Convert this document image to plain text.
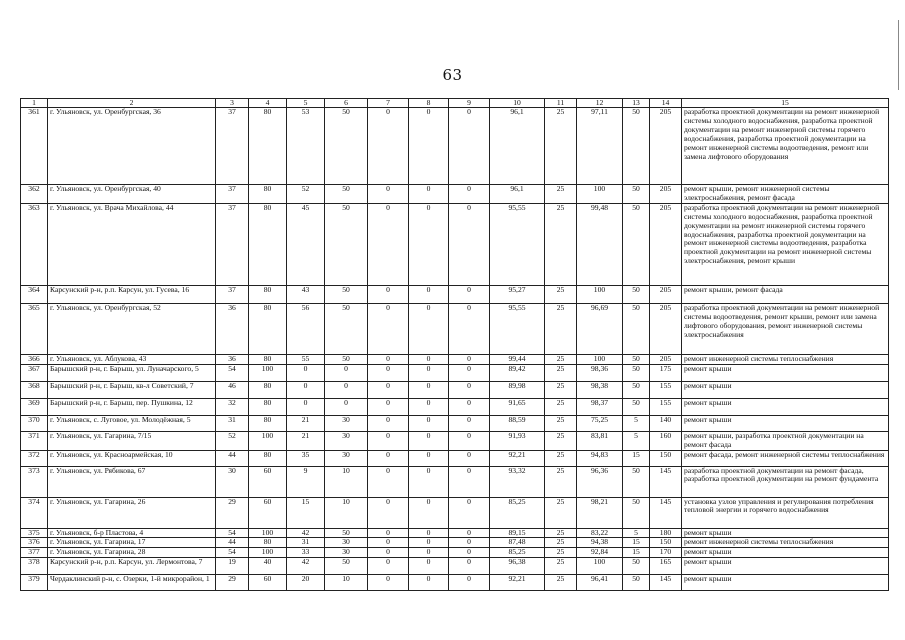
63
1	2	3	4	5	6	7	8	9	10	11	12	13	14	15
361	г. Ульяновск, ул. Оренбургская, 36	37	80	53	50	0	0	0	96,1	25	97,11	50	205	разработка проектной документации на ремонт инженерной системы холодного водоснабжения, разработка проектной документации на ремонт инженерной системы горячего водоснабжения, разработка проектной документации на ремонт инженерной системы водоотведения, ремонт или замена лифтового оборудования
362	г. Ульяновск, ул. Оренбургская, 40	37	80	52	50	0	0	0	96,1	25	100	50	205	ремонт крыши, ремонт инженерной системы электроснабжения, ремонт фасада
363	г. Ульяновск, ул. Врача Михайлова, 44	37	80	45	50	0	0	0	95,55	25	99,48	50	205	разработка проектной документации на ремонт инженерной системы холодного водоснабжения, разработка проектной документации на ремонт инженерной системы горячего водоснабжения, разработка проектной документации на ремонт инженерной системы водоотведения, разработка проектной документации на ремонт инженерной системы электроснабжения, ремонт крыши
364	Карсунский р-н, р.п. Карсун, ул. Гусева, 16	37	80	43	50	0	0	0	95,27	25	100	50	205	ремонт крыши, ремонт фасада
365	г. Ульяновск, ул. Оренбургская, 52	36	80	56	50	0	0	0	95,55	25	96,69	50	205	разработка проектной документации на ремонт инженерной системы водоотведения, ремонт крыши, ремонт или замена лифтового оборудования, ремонт инженерной системы электроснабжения
366	г. Ульяновск, ул. Аблукова, 43	36	80	55	50	0	0	0	99,44	25	100	50	205	ремонт инженерной системы теплоснабжения
367	Барышский р-н, г. Барыш, ул. Луначарского, 5	54	100	0	0	0	0	0	89,42	25	98,36	50	175	ремонт крыши
368	Барышский р-н, г. Барыш, кв-л Советский, 7	46	80	0	0	0	0	0	89,98	25	98,38	50	155	ремонт крыши
369	Барышский р-н, г. Барыш, пер. Пушкина, 12	32	80	0	0	0	0	0	91,65	25	98,37	50	155	ремонт крыши
370	г. Ульяновск, с. Луговое, ул. Молодёжная, 5	31	80	21	30	0	0	0	88,59	25	75,25	5	140	ремонт крыши
371	г. Ульяновск, ул. Гагарина, 7/15	52	100	21	30	0	0	0	91,93	25	83,81	5	160	ремонт крыши, разработка проектной документации на ремонт фасада
372	г. Ульяновск, ул. Красноармейская, 10	44	80	35	30	0	0	0	92,21	25	94,83	15	150	ремонт фасада, ремонт инженерной системы теплоснабжения
373	г. Ульяновск, ул. Рябикова, 67	30	60	9	10	0	0	0	93,32	25	96,36	50	145	разработка проектной документации на ремонт фасада, разработка проектной документации на ремонт фундамента
374	г. Ульяновск, ул. Гагарина, 26	29	60	15	10	0	0	0	85,25	25	98,21	50	145	установка узлов управления и регулирования потребления тепловой энергии и горячего водоснабжения
375	г. Ульяновск, б-р Пластова, 4	54	100	42	50	0	0	0	89,15	25	83,22	5	180	ремонт крыши
376	г. Ульяновск, ул. Гагарина, 17	44	80	31	30	0	0	0	87,48	25	94,38	15	150	ремонт инженерной системы теплоснабжения
377	г. Ульяновск, ул. Гагарина, 28	54	100	33	30	0	0	0	85,25	25	92,84	15	170	ремонт крыши
378	Карсунский р-н, р.п. Карсун, ул. Лермонтова, 7	19	40	42	50	0	0	0	96,38	25	100	50	165	ремонт крыши
379	Чердаклинский р-н, с. Озерки, 1-й микрорайон, 1	29	60	20	10	0	0	0	92,21	25	96,41	50	145	ремонт крыши
